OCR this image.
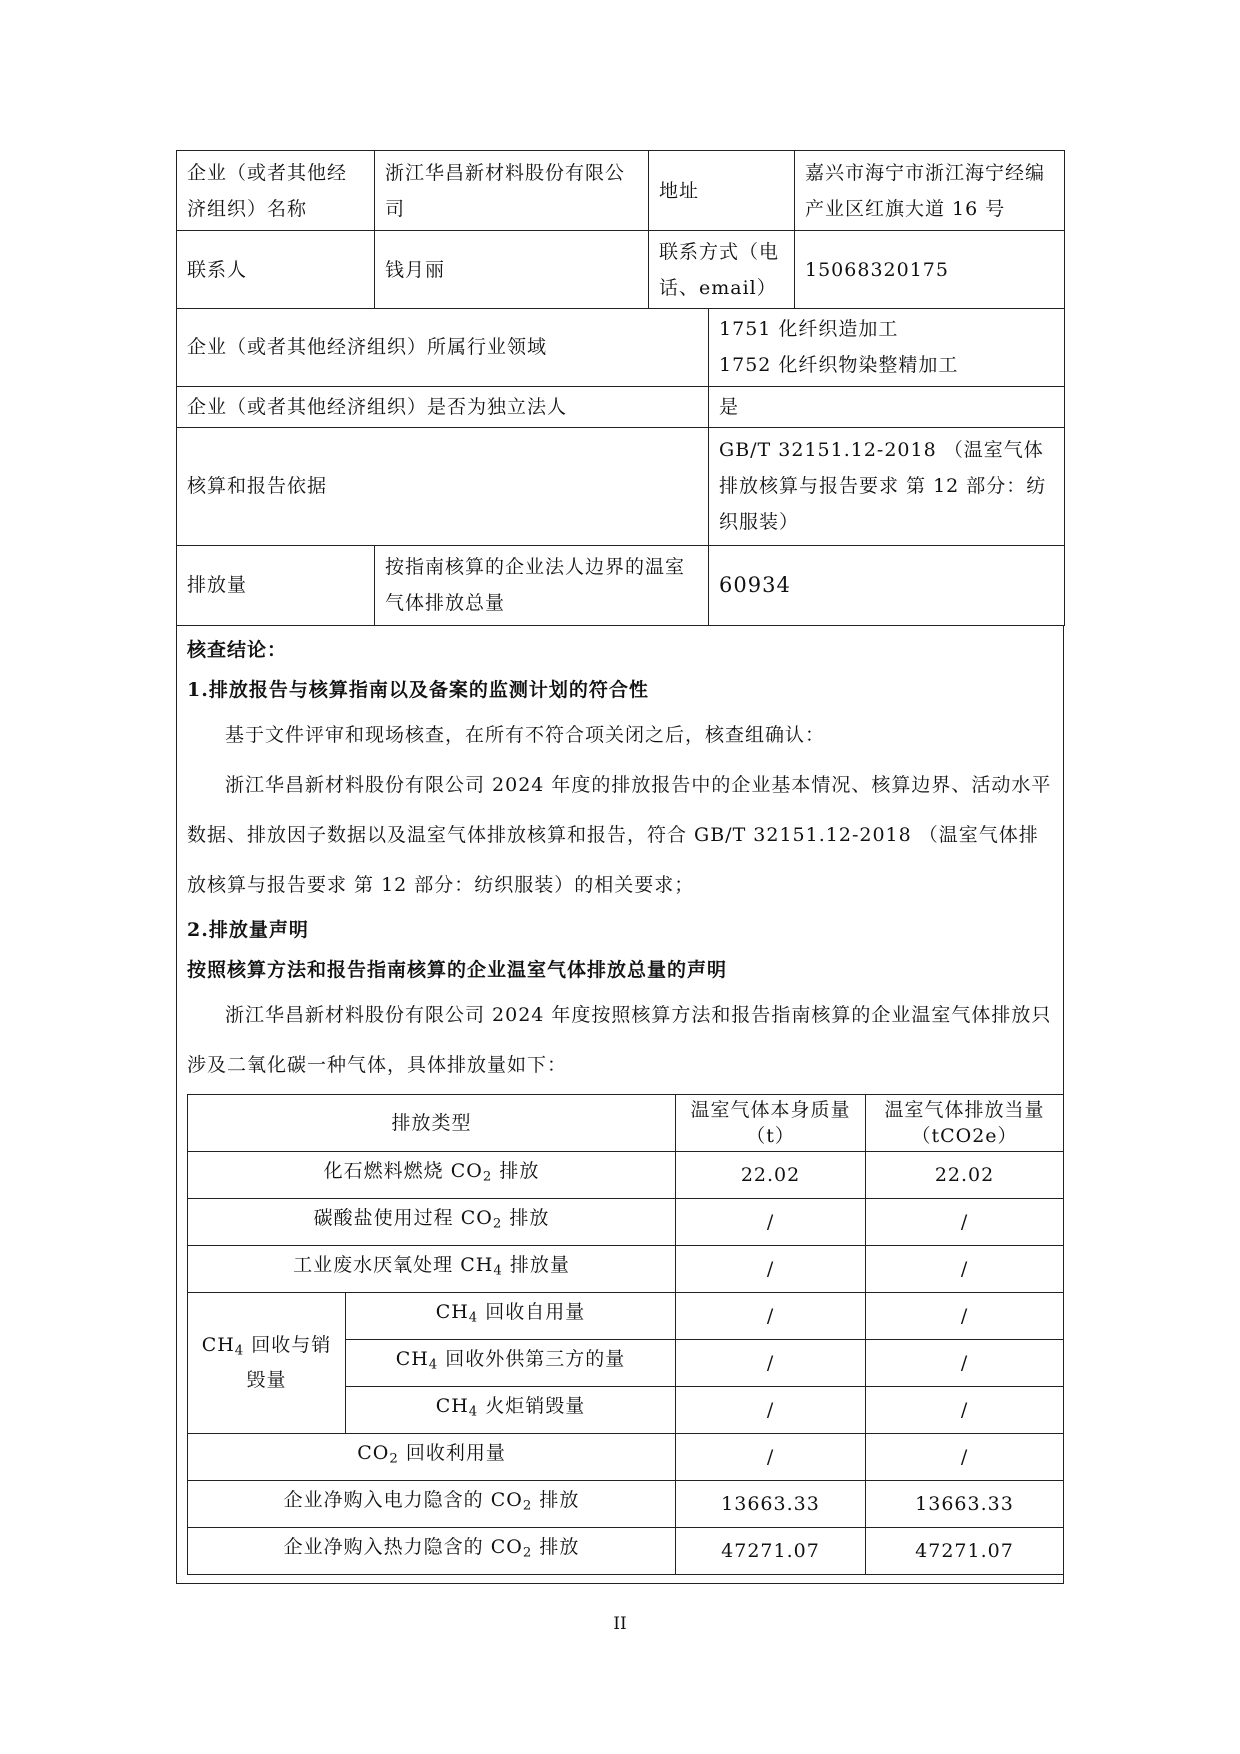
企业（或者其他经济组织）名称	浙江华昌新材料股份有限公司	地址	嘉兴市海宁市浙江海宁经编产业区红旗大道 16 号
联系人	钱月丽	联系方式（电话、email）	15068320175
企业（或者其他经济组织）所属行业领域		1751 化纤织造加工
1752 化纤织物染整精加工

企业（或者其他经济组织）是否为独立法人		是
核算和报告依据		GB/T 32151.12-2018 （温室气体排放核算与报告要求 第 12 部分：纺织服装）
排放量	按指南核算的企业法人边界的温室气体排放总量	60934
核查结论：
1.排放报告与核算指南以及备案的监测计划的符合性
基于文件评审和现场核查，在所有不符合项关闭之后，核查组确认：
浙江华昌新材料股份有限公司 2024 年度的排放报告中的企业基本情况、核算边界、活动水平数据、排放因子数据以及温室气体排放核算和报告，符合 GB/T 32151.12-2018 （温室气体排放核算与报告要求 第 12 部分：纺织服装）的相关要求；
2.排放量声明
按照核算方法和报告指南核算的企业温室气体排放总量的声明
浙江华昌新材料股份有限公司 2024 年度按照核算方法和报告指南核算的企业温室气体排放只涉及二氧化碳一种气体，具体排放量如下：
排放类型		温室气体本身质量（t）	温室气体排放当量（tCO2e）
化石燃料燃烧 $CO_2$ 排放		22.02	22.02
碳酸盐使用过程 $CO_2$ 排放		/	/
工业废水厌氧处理 $CH_4$ 排放量		/	/
$CH_4$ 回收与销毁量	$CH_4$ 回收自用量	/	/
	$CH_4$ 回收外供第三方的量	/	/
	$CH_4$ 火炬销毁量	/	/
$CO_2$ 回收利用量		/	/
企业净购入电力隐含的 $CO_2$ 排放		13663.33	13663.33
企业净购入热力隐含的 $CO_2$ 排放		47271.07	47271.07
II
